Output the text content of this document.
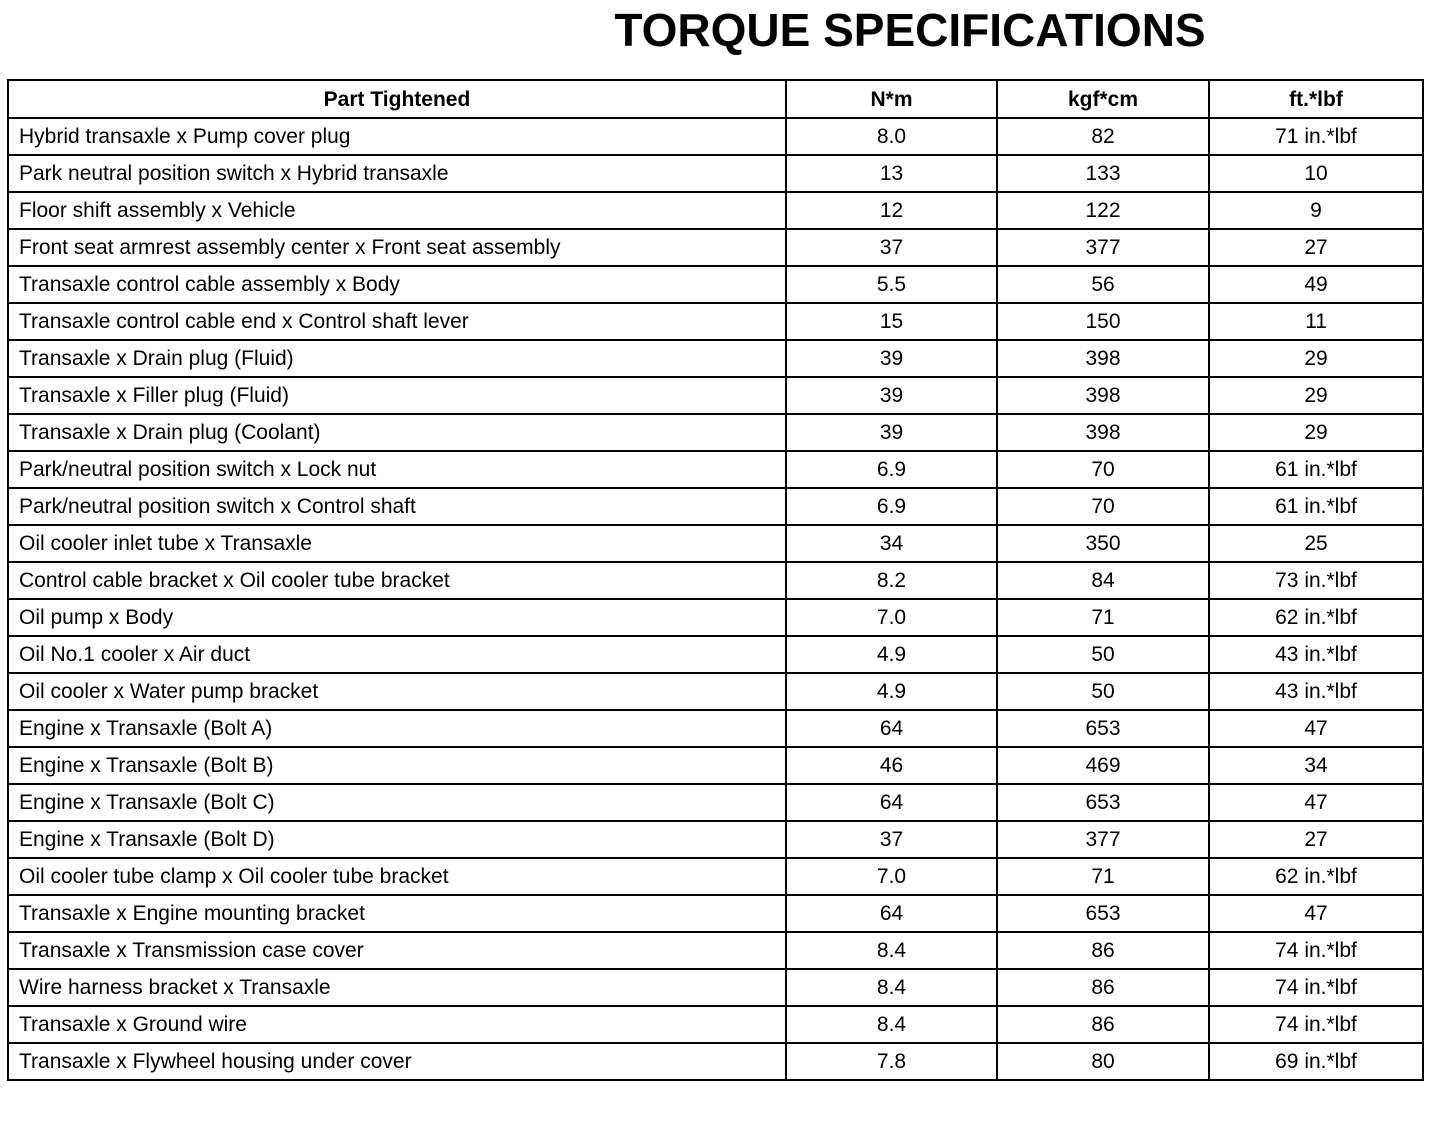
TORQUE SPECIFICATIONS
Part Tightened	N*m	kgf*cm	ft.*lbf
Hybrid transaxle x Pump cover plug	8.0	82	71 in.*lbf
Park neutral position switch x Hybrid transaxle	13	133	10
Floor shift assembly x Vehicle	12	122	9
Front seat armrest assembly center x Front seat assembly	37	377	27
Transaxle control cable assembly x Body	5.5	56	49
Transaxle control cable end x Control shaft lever	15	150	11
Transaxle x Drain plug (Fluid)	39	398	29
Transaxle x Filler plug (Fluid)	39	398	29
Transaxle x Drain plug (Coolant)	39	398	29
Park/neutral position switch x Lock nut	6.9	70	61 in.*lbf
Park/neutral position switch x Control shaft	6.9	70	61 in.*lbf
Oil cooler inlet tube x Transaxle	34	350	25
Control cable bracket x Oil cooler tube bracket	8.2	84	73 in.*lbf
Oil pump x Body	7.0	71	62 in.*lbf
Oil No.1 cooler x Air duct	4.9	50	43 in.*lbf
Oil cooler x Water pump bracket	4.9	50	43 in.*lbf
Engine x Transaxle (Bolt A)	64	653	47
Engine x Transaxle (Bolt B)	46	469	34
Engine x Transaxle (Bolt C)	64	653	47
Engine x Transaxle (Bolt D)	37	377	27
Oil cooler tube clamp x Oil cooler tube bracket	7.0	71	62 in.*lbf
Transaxle x Engine mounting bracket	64	653	47
Transaxle x Transmission case cover	8.4	86	74 in.*lbf
Wire harness bracket x Transaxle	8.4	86	74 in.*lbf
Transaxle x Ground wire	8.4	86	74 in.*lbf
Transaxle x Flywheel housing under cover	7.8	80	69 in.*lbf
